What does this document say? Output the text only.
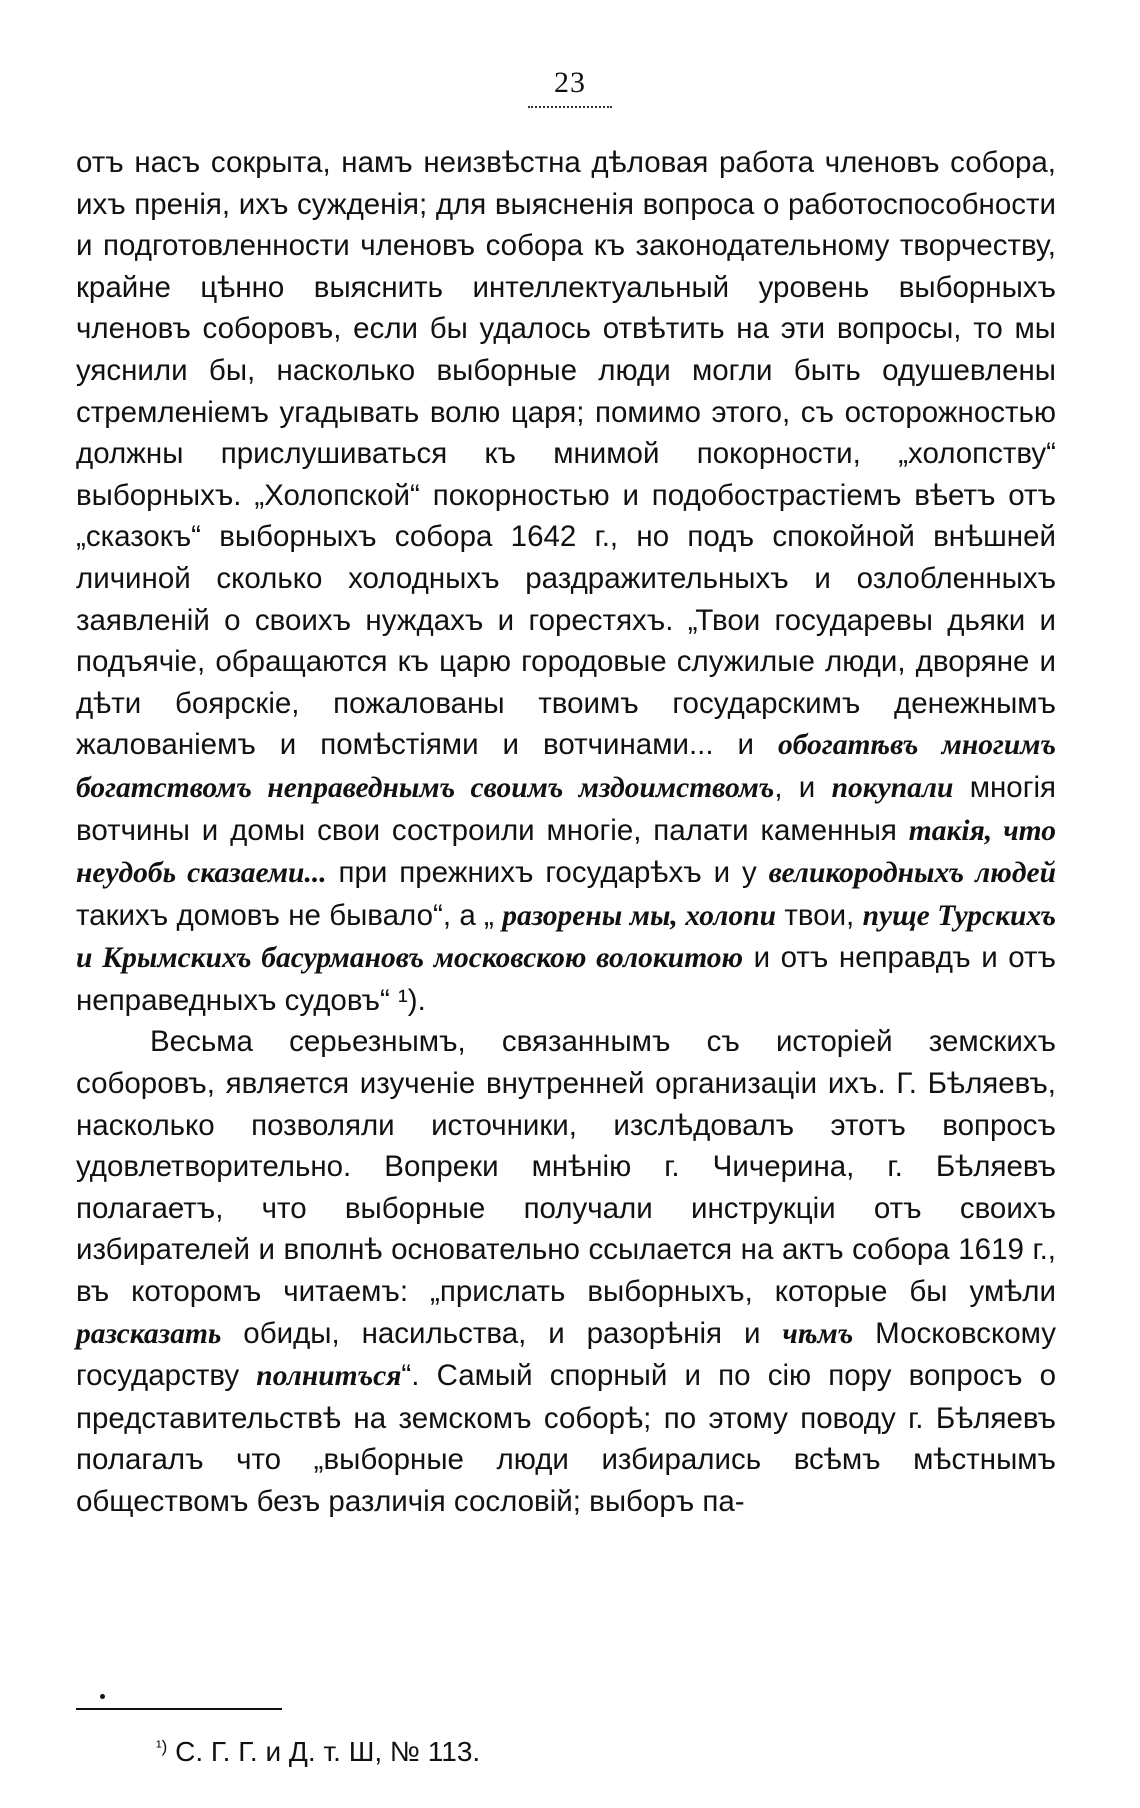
23

отъ насъ сокрыта, намъ неизвѣстна дѣловая работа членовъ собора, ихъ пренія, ихъ сужденія; для выясненія вопроса о работоспособности и подготовленности членовъ собора къ законодательному творчеству, крайне цѣнно выяснить интеллектуальный уровень выборныхъ членовъ соборовъ, если бы удалось отвѣтить на эти вопросы, то мы уяснили бы, насколько выборные люди могли быть одушевлены стремленіемъ угадывать волю царя; помимо этого, съ осторожностью должны прислушиваться къ мнимой покорности, „холопству“ выборныхъ. „Холопской“ покорностью и подобострастіемъ вѣетъ отъ „сказокъ“ выборныхъ собора 1642 г., но подъ спокойной внѣшней личиной сколько холодныхъ раздражительныхъ и озлобленныхъ заявленій о своихъ нуждахъ и горестяхъ. „Твои государевы дьяки и подъячіе, обращаются къ царю городовые служилые люди, дворяне и дѣти боярскіе, пожалованы твоимъ государскимъ денежнымъ жалованіемъ и помѣстіями и вотчинами... и обогатѣвъ многимъ богатствомъ неправеднымъ своимъ мздоимствомъ, и покупали многія вотчины и домы свои состроили многіе, палати каменныя такія, что неудобь сказаеми... при прежнихъ государѣхъ и у великородныхъ людей такихъ домовъ не бывало“, а „ разорены мы, холопи твои, пуще Турскихъ и Крымскихъ басурмановъ московскою волокитою и отъ неправдъ и отъ неправедныхъ судовъ“ ¹).

Весьма серьезнымъ, связаннымъ съ исторіей земскихъ соборовъ, является изученіе внутренней организаціи ихъ. Г. Бѣляевъ, насколько позволяли источники, изслѣдовалъ этотъ вопросъ удовлетворительно. Вопреки мнѣнію г. Чичерина, г. Бѣляевъ полагаетъ, что выборные получали инструкціи отъ своихъ избирателей и вполнѣ основательно ссылается на актъ собора 1619 г., въ которомъ читаемъ: „прислать выборныхъ, которые бы умѣли разсказать обиды, насильства, и разорѣнія и чѣмъ Московскому государству полнитъся“. Самый спорный и по сію пору вопросъ о представительствѣ на земскомъ соборѣ; по этому поводу г. Бѣляевъ полагалъ что „выборные люди избирались всѣмъ мѣстнымъ обществомъ безъ различія сословій; выборъ па-

$^{^1)}$ С. Г. Г. и Д. т. Ш, № 113.
